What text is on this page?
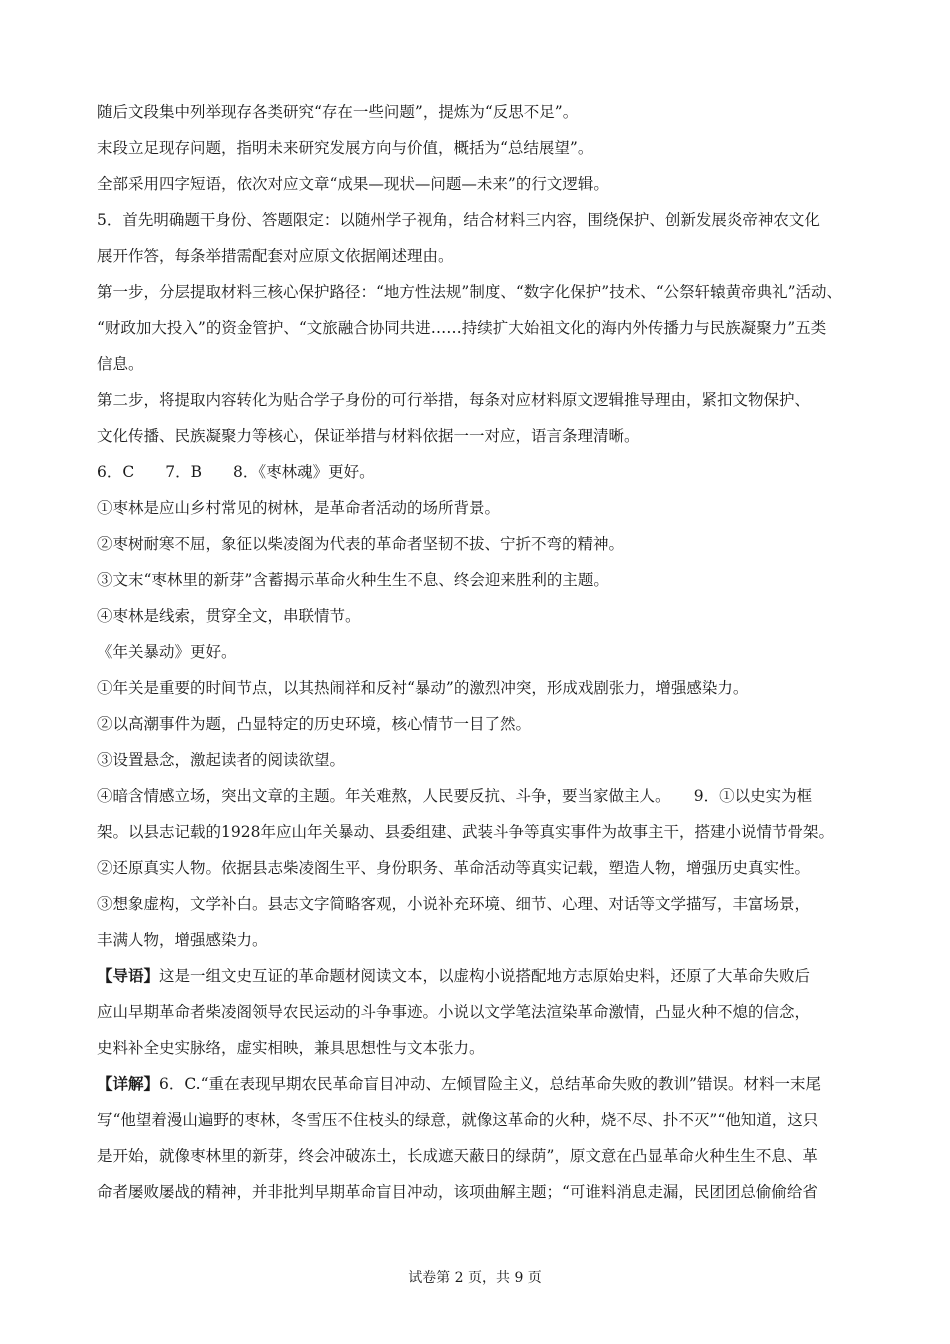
随后文段集中列举现存各类研究“存在一些问题”，提炼为“反思不足”。
末段立足现存问题，指明未来研究发展方向与价值，概括为“总结展望”。
全部采用四字短语，依次对应文章“成果—现状—问题—未来”的行文逻辑。
5．首先明确题干身份、答题限定：以随州学子视角，结合材料三内容，围绕保护、创新发展炎帝神农文化
展开作答，每条举措需配套对应原文依据阐述理由。
第一步，分层提取材料三核心保护路径：“地方性法规”制度、“数字化保护”技术、“公祭轩辕黄帝典礼”活动、
“财政加大投入”的资金管护、“文旅融合协同共进……持续扩大始祖文化的海内外传播力与民族凝聚力”五类
信息。
第二步，将提取内容转化为贴合学子身份的可行举措，每条对应材料原文逻辑推导理由，紧扣文物保护、
文化传播、民族凝聚力等核心，保证举措与材料依据一一对应，语言条理清晰。
6．C　　7．B　　8．《枣林魂》更好。
①枣林是应山乡村常见的树林，是革命者活动的场所背景。
②枣树耐寒不屈，象征以柴凌阁为代表的革命者坚韧不拔、宁折不弯的精神。
③文末“枣林里的新芽”含蓄揭示革命火种生生不息、终会迎来胜利的主题。
④枣林是线索，贯穿全文，串联情节。
《年关暴动》更好。
①年关是重要的时间节点，以其热闹祥和反衬“暴动”的激烈冲突，形成戏剧张力，增强感染力。
②以高潮事件为题，凸显特定的历史环境，核心情节一目了然。
③设置悬念，激起读者的阅读欲望。
④暗含情感立场，突出文章的主题。年关难熬，人民要反抗、斗争，要当家做主人。　　9．①以史实为框
架。以县志记载的1928年应山年关暴动、县委组建、武装斗争等真实事件为故事主干，搭建小说情节骨架。
②还原真实人物。依据县志柴凌阁生平、身份职务、革命活动等真实记载，塑造人物，增强历史真实性。
③想象虚构，文学补白。县志文字简略客观，小说补充环境、细节、心理、对话等文学描写，丰富场景，
丰满人物，增强感染力。
【导语】这是一组文史互证的革命题材阅读文本，以虚构小说搭配地方志原始史料，还原了大革命失败后
应山早期革命者柴凌阁领导农民运动的斗争事迹。小说以文学笔法渲染革命激情，凸显火种不熄的信念，
史料补全史实脉络，虚实相映，兼具思想性与文本张力。
【详解】6．C.“重在表现早期农民革命盲目冲动、左倾冒险主义，总结革命失败的教训”错误。材料一末尾
写“他望着漫山遍野的枣林，冬雪压不住枝头的绿意，就像这革命的火种，烧不尽、扑不灭”“他知道，这只
是开始，就像枣林里的新芽，终会冲破冻土，长成遮天蔽日的绿荫”，原文意在凸显革命火种生生不息、革
命者屡败屡战的精神，并非批判早期革命盲目冲动，该项曲解主题；“可谁料消息走漏，民团团总偷偷给省
试卷第 2 页，共 9 页
